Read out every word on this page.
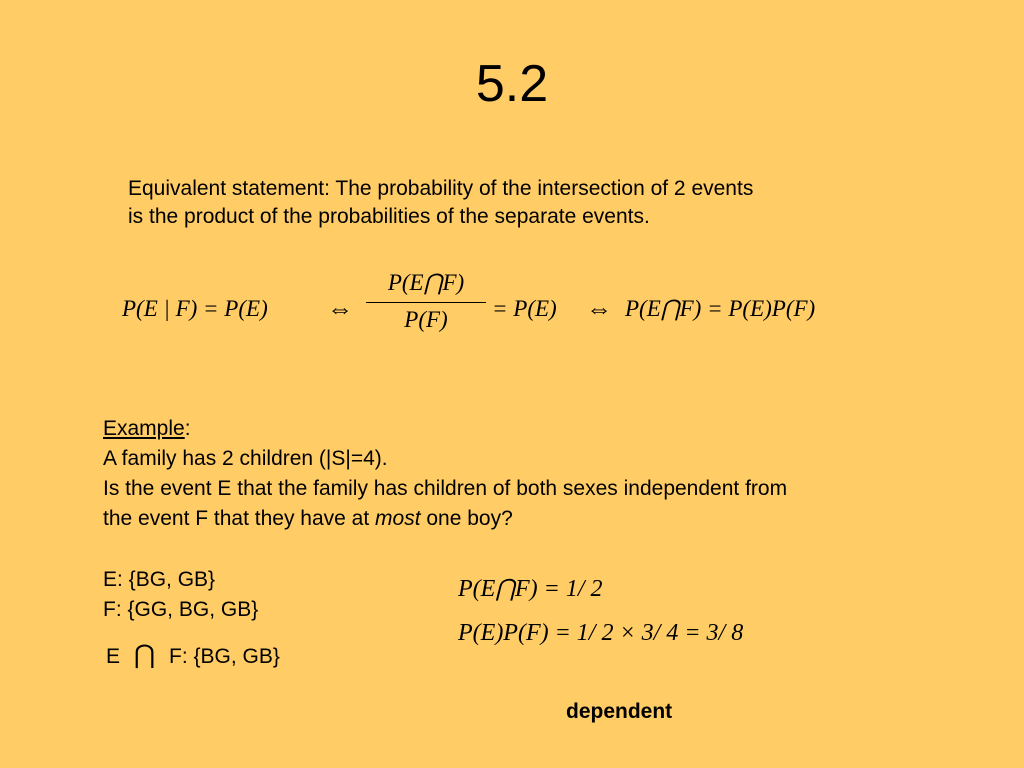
5.2
Equivalent statement: The probability of the intersection of 2 events
is the product of the probabilities of the separate events.
P(E | F) = P(E) ⇔
P(E⋂F)
P(F)	= P(E) ⇔ P(E⋂F) = P(E)P(F)
Example:
A family has 2 children (|S|=4).
Is the event E that the family has children of both sexes independent from
the event F that they have at most one boy?
E: {BG, GB}
F: {GG, BG, GB}
E ⋂ F: {BG, GB}
P(E⋂F) = 1/ 2
P(E)P(F) = 1/ 2 × 3/ 4 = 3/ 8
dependent
